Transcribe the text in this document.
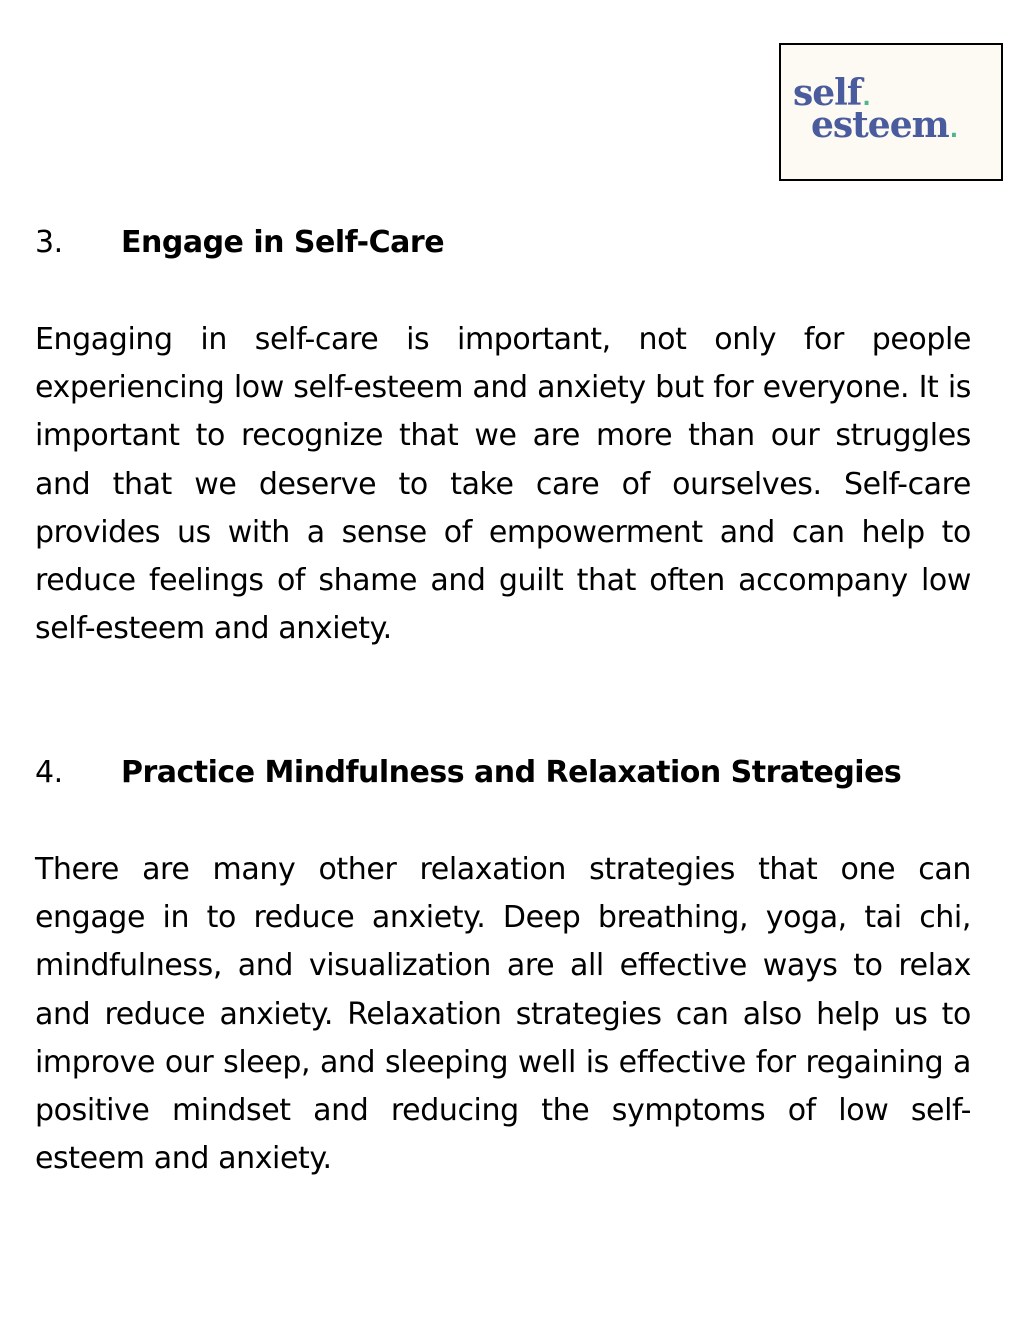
self.
esteem.
3. Engage in Self-Care

Engaging in self-care is important, not only for people experiencing low self-esteem and anxiety but for everyone. It is important to recognize that we are more than our struggles and that we deserve to take care of ourselves. Self-care provides us with a sense of empowerment and can help to reduce feelings of shame and guilt that often accompany low self-esteem and anxiety.

4. Practice Mindfulness and Relaxation Strategies

There are many other relaxation strategies that one can engage in to reduce anxiety. Deep breathing, yoga, tai chi, mindfulness, and visualization are all effective ways to relax and reduce anxiety. Relaxation strategies can also help us to improve our sleep, and sleeping well is effective for regaining a positive mindset and reducing the symptoms of low self-esteem and anxiety.
